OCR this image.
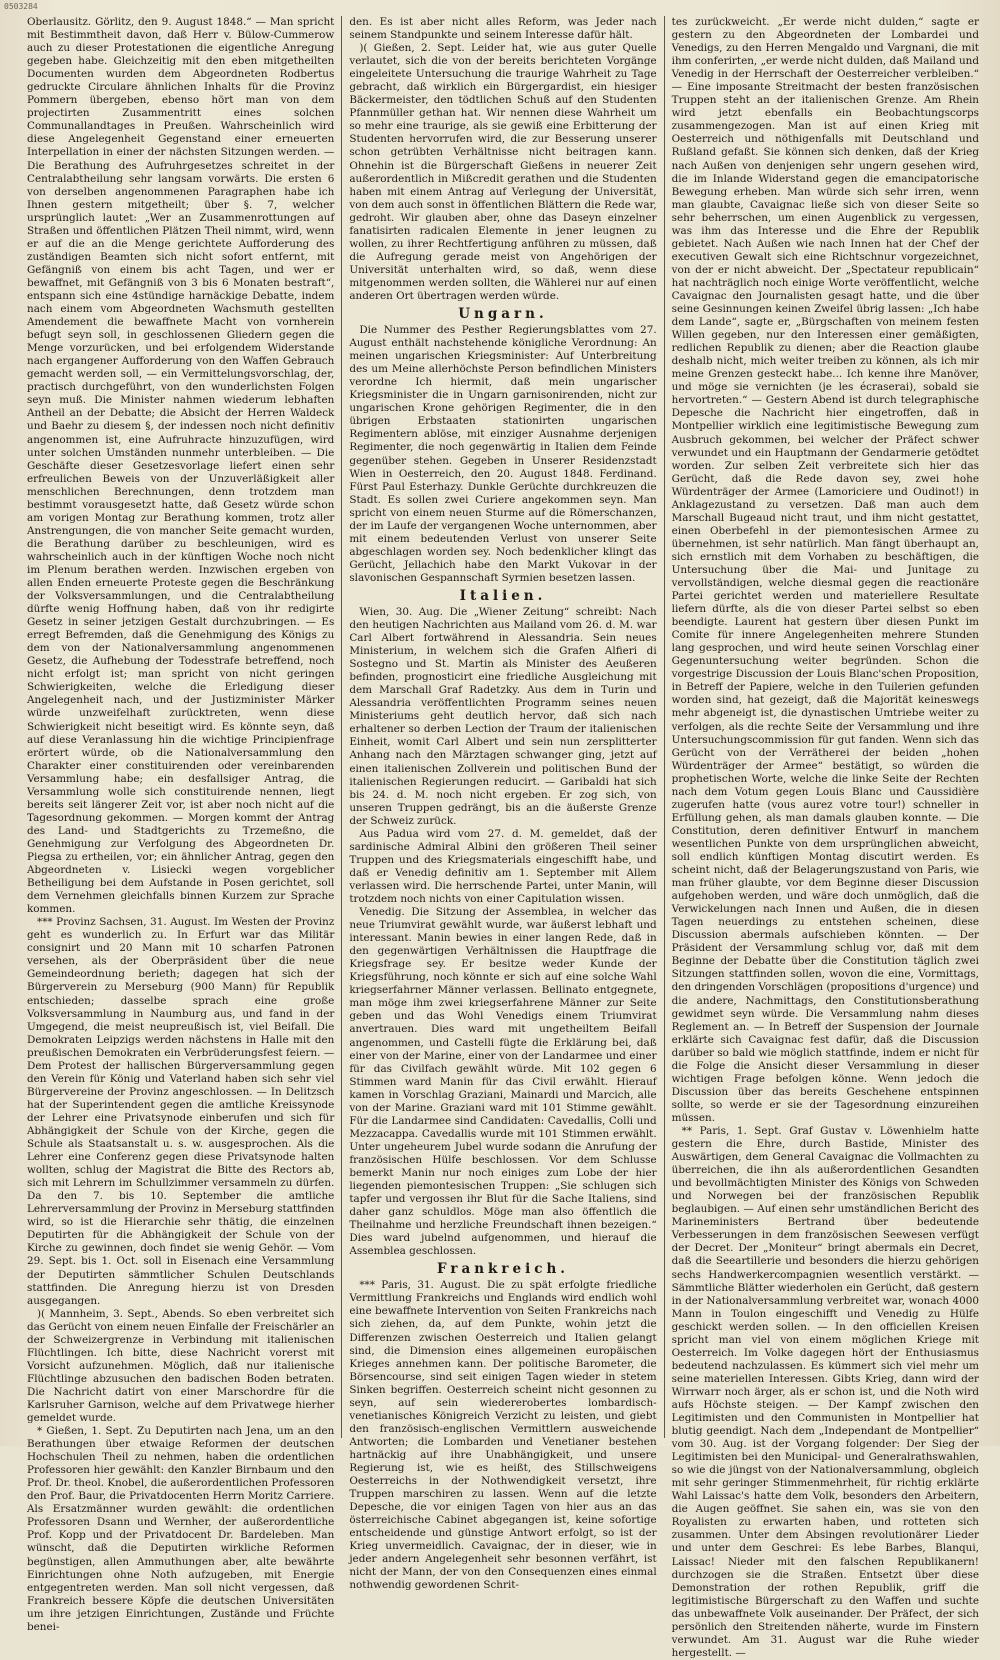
0503284

Oberlausitz. Görlitz, den 9. August 1848.“ — Man spricht mit Bestimmtheit davon, daß Herr v. Bülow-Cummerow auch zu dieser Protestationen die eigentliche Anregung gegeben habe. Gleichzeitig mit den eben mitgetheilten Documenten wurden dem Abgeordneten Rodbertus gedruckte Circulare ähnlichen Inhalts für die Provinz Pommern übergeben, ebenso hört man von dem projectirten Zusammentritt eines solchen Communallandtages in Preußen. Wahrscheinlich wird diese Angelegenheit Gegenstand einer erneuerten Interpellation in einer der nächsten Sitzungen werden. — Die Berathung des Aufruhrgesetzes schreitet in der Centralabtheilung sehr langsam vorwärts. Die ersten 6 von derselben angenommenen Paragraphen habe ich Ihnen gestern mitgetheilt; über §. 7, welcher ursprünglich lautet: „Wer an Zusammenrottungen auf Straßen und öffentlichen Plätzen Theil nimmt, wird, wenn er auf die an die Menge gerichtete Aufforderung des zuständigen Beamten sich nicht sofort entfernt, mit Gefängniß von einem bis acht Tagen, und wer er bewaffnet, mit Gefängniß von 3 bis 6 Monaten bestraft“, entspann sich eine 4stündige harnäckige Debatte, indem nach einem vom Abgeordneten Wachsmuth gestellten Amendement die bewaffnete Macht von vornherein befugt seyn soll, in geschlossenen Gliedern gegen die Menge vorzurücken, und bei erfolgendem Widerstande nach ergangener Aufforderung von den Waffen Gebrauch gemacht werden soll, — ein Vermittelungsvorschlag, der, practisch durchgeführt, von den wunderlichsten Folgen seyn muß. Die Minister nahmen wiederum lebhaften Antheil an der Debatte; die Absicht der Herren Waldeck und Baehr zu diesem §, der indessen noch nicht definitiv angenommen ist, eine Aufruhracte hinzuzufügen, wird unter solchen Umständen nunmehr unterbleiben. — Die Geschäfte dieser Gesetzesvorlage liefert einen sehr erfreulichen Beweis von der Unzuverläßigkeit aller menschlichen Berechnungen, denn trotzdem man bestimmt vorausgesetzt hatte, daß Gesetz würde schon am vorigen Montag zur Berathung kommen, trotz aller Anstrengungen, die von mancher Seite gemacht wurden, die Berathung darüber zu beschleunigen, wird es wahrscheinlich auch in der künftigen Woche noch nicht im Plenum berathen werden. Inzwischen ergeben von allen Enden erneuerte Proteste gegen die Beschränkung der Volksversammlungen, und die Centralabtheilung dürfte wenig Hoffnung haben, daß von ihr redigirte Gesetz in seiner jetzigen Gestalt durchzubringen. — Es erregt Befremden, daß die Genehmigung des Königs zu dem von der Nationalversammlung angenommenen Gesetz, die Aufhebung der Todesstrafe betreffend, noch nicht erfolgt ist; man spricht von nicht geringen Schwierigkeiten, welche die Erledigung dieser Angelegenheit nach, und der Justizminister Märker würde unzweifelhaft zurücktreten, wenn diese Schwierigkeit nicht beseitigt wird. Es könnte seyn, daß auf diese Veranlassung hin die wichtige Principienfrage erörtert würde, ob die Nationalversammlung den Charakter einer constituirenden oder vereinbarenden Versammlung habe; ein desfallsiger Antrag, die Versammlung wolle sich constituirende nennen, liegt bereits seit längerer Zeit vor, ist aber noch nicht auf die Tagesordnung gekommen. — Morgen kommt der Antrag des Land- und Stadtgerichts zu Trzemeßno, die Genehmigung zur Verfolgung des Abgeordneten Dr. Piegsa zu ertheilen, vor; ein ähnlicher Antrag, gegen den Abgeordneten v. Lisiecki wegen vorgeblicher Betheiligung bei dem Aufstande in Posen gerichtet, soll dem Vernehmen gleichfalls binnen Kurzem zur Sprache kommen.

*** Provinz Sachsen, 31. August. Im Westen der Provinz geht es wunderlich zu. In Erfurt war das Militär consignirt und 20 Mann mit 10 scharfen Patronen versehen, als der Oberpräsident über die neue Gemeindeordnung berieth; dagegen hat sich der Bürgerverein zu Merseburg (900 Mann) für Republik entschieden; dasselbe sprach eine große Volksversammlung in Naumburg aus, und fand in der Umgegend, die meist neupreußisch ist, viel Beifall. Die Demokraten Leipzigs werden nächstens in Halle mit den preußischen Demokraten ein Verbrüderungsfest feiern. — Dem Protest der hallischen Bürgerversammlung gegen den Verein für König und Vaterland haben sich sehr viel Bürgervereine der Provinz angeschlossen. — In Delitzsch hat der Superintendent gegen die amtliche Kreissynode der Lehrer eine Privatsynode einberufen und sich für Abhängigkeit der Schule von der Kirche, gegen die Schule als Staatsanstalt u. s. w. ausgesprochen. Als die Lehrer eine Conferenz gegen diese Privatsynode halten wollten, schlug der Magistrat die Bitte des Rectors ab, sich mit Lehrern im Schullzimmer versammeln zu dürfen. Da den 7. bis 10. September die amtliche Lehrerversammlung der Provinz in Merseburg stattfinden wird, so ist die Hierarchie sehr thätig, die einzelnen Deputirten für die Abhängigkeit der Schule von der Kirche zu gewinnen, doch findet sie wenig Gehör. — Vom 29. Sept. bis 1. Oct. soll in Eisenach eine Versammlung der Deputirten sämmtlicher Schulen Deutschlands stattfinden. Die Anregung hierzu ist von Dresden ausgegangen.

)( Mannheim, 3. Sept., Abends. So eben verbreitet sich das Gerücht von einem neuen Einfalle der Freischärler an der Schweizergrenze in Verbindung mit italienischen Flüchtlingen. Ich bitte, diese Nachricht vorerst mit Vorsicht aufzunehmen. Möglich, daß nur italienische Flüchtlinge abzusuchen den badischen Boden betraten. Die Nachricht datirt von einer Marschordre für die Karlsruher Garnison, welche auf dem Privatwege hierher gemeldet wurde.

* Gießen, 1. Sept. Zu Deputirten nach Jena, um an den Berathungen über etwaige Reformen der deutschen Hochschulen Theil zu nehmen, haben die ordentlichen Professoren hier gewählt: den Kanzler Birnbaum und den Prof. Dr. theol. Knobel, die außerordentlichen Professoren den Prof. Baur, die Privatdocenten Herrn Moritz Carriere. Als Ersatzmänner wurden gewählt: die ordentlichen Professoren Dsann und Wernher, der außerordentliche Prof. Kopp und der Privatdocent Dr. Bardeleben. Man wünscht, daß die Deputirten wirkliche Reformen begünstigen, allen Ammuthungen aber, alte bewährte Einrichtungen ohne Noth aufzugeben, mit Energie entgegentreten werden. Man soll nicht vergessen, daß Frankreich bessere Köpfe die deutschen Universitäten um ihre jetzigen Einrichtungen, Zustände und Früchte benei-

den. Es ist aber nicht alles Reform, was Jeder nach seinem Standpunkte und seinem Interesse dafür hält.

)( Gießen, 2. Sept. Leider hat, wie aus guter Quelle verlautet, sich die von der bereits berichteten Vorgänge eingeleitete Untersuchung die traurige Wahrheit zu Tage gebracht, daß wirklich ein Bürgergardist, ein hiesiger Bäckermeister, den tödtlichen Schuß auf den Studenten Pfannmüller gethan hat. Wir nennen diese Wahrheit um so mehr eine traurige, als sie gewiß eine Erbitterung der Studenten hervorrufen wird, die zur Besserung unserer schon getrübten Verhältnisse nicht beitragen kann. Ohnehin ist die Bürgerschaft Gießens in neuerer Zeit außerordentlich in Mißcredit gerathen und die Studenten haben mit einem Antrag auf Verlegung der Universität, von dem auch sonst in öffentlichen Blättern die Rede war, gedroht. Wir glauben aber, ohne das Daseyn einzelner fanatisirten radicalen Elemente in jener leugnen zu wollen, zu ihrer Rechtfertigung anführen zu müssen, daß die Aufregung gerade meist von Angehörigen der Universität unterhalten wird, so daß, wenn diese mitgenommen werden sollten, die Wählerei nur auf einen anderen Ort übertragen werden würde.

Ungarn.

Die Nummer des Pesther Regierungsblattes vom 27. August enthält nachstehende königliche Verordnung: An meinen ungarischen Kriegsminister: Auf Unterbreitung des um Meine allerhöchste Person befindlichen Ministers verordne Ich hiermit, daß mein ungarischer Kriegsminister die in Ungarn garnisonirenden, nicht zur ungarischen Krone gehörigen Regimenter, die in den übrigen Erbstaaten stationirten ungarischen Regimentern ablöse, mit einziger Ausnahme derjenigen Regimenter, die noch gegenwärtig in Italien dem Feinde gegenüber stehen. Gegeben in Unserer Residenzstadt Wien in Oesterreich, den 20. August 1848. Ferdinand. Fürst Paul Esterhazy. Dunkle Gerüchte durchkreuzen die Stadt. Es sollen zwei Curiere angekommen seyn. Man spricht von einem neuen Sturme auf die Römerschanzen, der im Laufe der vergangenen Woche unternommen, aber mit einem bedeutenden Verlust von unserer Seite abgeschlagen worden sey. Noch bedenklicher klingt das Gerücht, Jellachich habe den Markt Vukovar in der slavonischen Gespannschaft Syrmien besetzen lassen.

Italien.

Wien, 30. Aug. Die „Wiener Zeitung“ schreibt: Nach den heutigen Nachrichten aus Mailand vom 26. d. M. war Carl Albert fortwährend in Alessandria. Sein neues Ministerium, in welchem sich die Grafen Alfieri di Sostegno und St. Martin als Minister des Aeußeren befinden, prognosticirt eine friedliche Ausgleichung mit dem Marschall Graf Radetzky. Aus dem in Turin und Alessandria veröffentlichten Programm seines neuen Ministeriums geht deutlich hervor, daß sich nach erhaltener so derben Lection der Traum der italienischen Einheit, womit Carl Albert und sein nun zersplitterter Anhang nach den Märztagen schwanger ging, jetzt auf einen italienischen Zollverein und politischen Bund der italienischen Regierungen reducirt. — Garibaldi hat sich bis 24. d. M. noch nicht ergeben. Er zog sich, von unseren Truppen gedrängt, bis an die äußerste Grenze der Schweiz zurück.

Aus Padua wird vom 27. d. M. gemeldet, daß der sardinische Admiral Albini den größeren Theil seiner Truppen und des Kriegsmaterials eingeschifft habe, und daß er Venedig definitiv am 1. September mit Allem verlassen wird. Die herrschende Partei, unter Manin, will trotzdem noch nichts von einer Capitulation wissen.

Venedig. Die Sitzung der Assemblea, in welcher das neue Triumvirat gewählt wurde, war äußerst lebhaft und interessant. Manin bewies in einer langen Rede, daß in den gegenwärtigen Verhältnissen die Hauptfrage die Kriegsfrage sey. Er besitze weder Kunde der Kriegsführung, noch könnte er sich auf eine solche Wahl kriegserfahrner Männer verlassen. Bellinato entgegnete, man möge ihm zwei kriegserfahrene Männer zur Seite geben und das Wohl Venedigs einem Triumvirat anvertrauen. Dies ward mit ungetheiltem Beifall angenommen, und Castelli fügte die Erklärung bei, daß einer von der Marine, einer von der Landarmee und einer für das Civilfach gewählt würde. Mit 102 gegen 6 Stimmen ward Manin für das Civil erwählt. Hierauf kamen in Vorschlag Graziani, Mainardi und Marcich, alle von der Marine. Graziani ward mit 101 Stimme gewählt. Für die Landarmee sind Candidaten: Cavedallis, Colli und Mezzacappa. Cavedallis wurde mit 101 Stimmen erwählt. Unter ungeheurem Jubel wurde sodann die Anrufung der französischen Hülfe beschlossen. Vor dem Schlusse bemerkt Manin nur noch einiges zum Lobe der hier liegenden piemontesischen Truppen: „Sie schlugen sich tapfer und vergossen ihr Blut für die Sache Italiens, sind daher ganz schuldlos. Möge man also öffentlich die Theilnahme und herzliche Freundschaft ihnen bezeigen.“ Dies ward jubelnd aufgenommen, und hierauf die Assemblea geschlossen.

Frankreich.

*** Paris, 31. August. Die zu spät erfolgte friedliche Vermittlung Frankreichs und Englands wird endlich wohl eine bewaffnete Intervention von Seiten Frankreichs nach sich ziehen, da, auf dem Punkte, wohin jetzt die Differenzen zwischen Oesterreich und Italien gelangt sind, die Dimension eines allgemeinen europäischen Krieges annehmen kann. Der politische Barometer, die Börsencourse, sind seit einigen Tagen wieder in stetem Sinken begriffen. Oesterreich scheint nicht gesonnen zu seyn, auf sein wiedererobertes lombardisch-venetianisches Königreich Verzicht zu leisten, und giebt den französisch-englischen Vermittlern ausweichende Antworten; die Lombarden und Venetianer bestehen hartnäckig auf ihre Unabhängigkeit, und unsere Regierung ist, wie es heißt, des Stillschweigens Oesterreichs in der Nothwendigkeit versetzt, ihre Truppen marschiren zu lassen. Wenn auf die letzte Depesche, die vor einigen Tagen von hier aus an das österreichische Cabinet abgegangen ist, keine sofortige entscheidende und günstige Antwort erfolgt, so ist der Krieg unvermeidlich. Cavaignac, der in dieser, wie in jeder andern Angelegenheit sehr besonnen verfährt, ist nicht der Mann, der von den Consequenzen eines einmal nothwendig gewordenen Schrit-

tes zurückweicht. „Er werde nicht dulden,“ sagte er gestern zu den Abgeordneten der Lombardei und Venedigs, zu den Herren Mengaldo und Vargnani, die mit ihm conferirten, „er werde nicht dulden, daß Mailand und Venedig in der Herrschaft der Oesterreicher verbleiben.“ — Eine imposante Streitmacht der besten französischen Truppen steht an der italienischen Grenze. Am Rhein wird jetzt ebenfalls ein Beobachtungscorps zusammengezogen. Man ist auf einen Krieg mit Oesterreich und nöthigenfalls mit Deutschland und Rußland gefaßt. Sie können sich denken, daß der Krieg nach Außen von denjenigen sehr ungern gesehen wird, die im Inlande Widerstand gegen die emancipatorische Bewegung erheben. Man würde sich sehr irren, wenn man glaubte, Cavaignac ließe sich von dieser Seite so sehr beherrschen, um einen Augenblick zu vergessen, was ihm das Interesse und die Ehre der Republik gebietet. Nach Außen wie nach Innen hat der Chef der executiven Gewalt sich eine Richtschnur vorgezeichnet, von der er nicht abweicht. Der „Spectateur republicain“ hat nachträglich noch einige Worte veröffentlicht, welche Cavaignac den Journalisten gesagt hatte, und die über seine Gesinnungen keinen Zweifel übrig lassen: „Ich habe dem Lande“, sagte er, „Bürgschaften von meinem festen Willen gegeben, nur den Interessen einer gemäßigten, redlichen Republik zu dienen; aber die Reaction glaube deshalb nicht, mich weiter treiben zu können, als ich mir meine Grenzen gesteckt habe... Ich kenne ihre Manöver, und möge sie vernichten (je les écraserai), sobald sie hervortreten.“ — Gestern Abend ist durch telegraphische Depesche die Nachricht hier eingetroffen, daß in Montpellier wirklich eine legitimistische Bewegung zum Ausbruch gekommen, bei welcher der Präfect schwer verwundet und ein Hauptmann der Gendarmerie getödtet worden. Zur selben Zeit verbreitete sich hier das Gerücht, daß die Rede davon sey, zwei hohe Würdenträger der Armee (Lamoriciere und Oudinot!) in Anklagezustand zu versetzen. Daß man auch dem Marschall Bugeaud nicht traut, und ihm nicht gestattet, einen Oberbefehl in der piemontesischen Armee zu übernehmen, ist sehr natürlich. Man fängt überhaupt an, sich ernstlich mit dem Vorhaben zu beschäftigen, die Untersuchung über die Mai- und Junitage zu vervollständigen, welche diesmal gegen die reactionäre Partei gerichtet werden und materiellere Resultate liefern dürfte, als die von dieser Partei selbst so eben beendigte. Laurent hat gestern über diesen Punkt im Comite für innere Angelegenheiten mehrere Stunden lang gesprochen, und wird heute seinen Vorschlag einer Gegenuntersuchung weiter begründen. Schon die vorgestrige Discussion der Louis Blanc'schen Proposition, in Betreff der Papiere, welche in den Tuilerien gefunden worden sind, hat gezeigt, daß die Majorität keineswegs mehr abgeneigt ist, die dynastischen Umtriebe weiter zu verfolgen, als die rechte Seite der Versammlung und ihre Untersuchungscommission für gut fanden. Wenn sich das Gerücht von der Verrätherei der beiden „hohen Würdenträger der Armee“ bestätigt, so würden die prophetischen Worte, welche die linke Seite der Rechten nach dem Votum gegen Louis Blanc und Caussidière zugerufen hatte (vous aurez votre tour!) schneller in Erfüllung gehen, als man damals glauben konnte. — Die Constitution, deren definitiver Entwurf in manchem wesentlichen Punkte von dem ursprünglichen abweicht, soll endlich künftigen Montag discutirt werden. Es scheint nicht, daß der Belagerungszustand von Paris, wie man früher glaubte, vor dem Beginne dieser Discussion aufgehoben werden, und wäre doch unmöglich, daß die Verwickelungen nach Innen und Außen, die in diesen Tagen neuerdings zu entstehen scheinen, diese Discussion abermals aufschieben könnten. — Der Präsident der Versammlung schlug vor, daß mit dem Beginne der Debatte über die Constitution täglich zwei Sitzungen stattfinden sollen, wovon die eine, Vormittags, den dringenden Vorschlägen (propositions d'urgence) und die andere, Nachmittags, den Constitutionsberathung gewidmet seyn würde. Die Versammlung nahm dieses Reglement an. — In Betreff der Suspension der Journale erklärte sich Cavaignac fest dafür, daß die Discussion darüber so bald wie möglich stattfinde, indem er nicht für die Folge die Ansicht dieser Versammlung in dieser wichtigen Frage befolgen könne. Wenn jedoch die Discussion über das bereits Geschehene entspinnen sollte, so werde er sie der Tagesordnung einzureihen müssen.

** Paris, 1. Sept. Graf Gustav v. Löwenhielm hatte gestern die Ehre, durch Bastide, Minister des Auswärtigen, dem General Cavaignac die Vollmachten zu überreichen, die ihn als außerordentlichen Gesandten und bevollmächtigten Minister des Königs von Schweden und Norwegen bei der französischen Republik beglaubigen. — Auf einen sehr umständlichen Bericht des Marineministers Bertrand über bedeutende Verbesserungen in dem französischen Seewesen verfügt der Decret. Der „Moniteur“ bringt abermals ein Decret, daß die Seeartillerie und besonders die hierzu gehörigen sechs Handwerkercompagnien wesentlich verstärkt. — Sämmtliche Blätter wiederholen ein Gerücht, daß gestern in der Nationalversammlung verbreitet war, wonach 4000 Mann in Toulon eingeschifft und Venedig zu Hülfe geschickt werden sollen. — In den officiellen Kreisen spricht man viel von einem möglichen Kriege mit Oesterreich. Im Volke dagegen hört der Enthusiasmus bedeutend nachzulassen. Es kümmert sich viel mehr um seine materiellen Interessen. Gibts Krieg, dann wird der Wirrwarr noch ärger, als er schon ist, und die Noth wird aufs Höchste steigen. — Der Kampf zwischen den Legitimisten und den Communisten in Montpellier hat blutig geendigt. Nach dem „Independant de Montpellier“ vom 30. Aug. ist der Vorgang folgender: Der Sieg der Legitimisten bei den Municipal- und Generalrathswahlen, so wie die jüngst von der Nationalversammlung, obgleich mit sehr geringer Stimmenmehrheit, für richtig erklärte Wahl Laissac's hatte dem Volk, besonders den Arbeitern, die Augen geöffnet. Sie sahen ein, was sie von den Royalisten zu erwarten haben, und rotteten sich zusammen. Unter dem Absingen revolutionärer Lieder und unter dem Geschrei: Es lebe Barbes, Blanqui, Laissac! Nieder mit den falschen Republikanern! durchzogen sie die Straßen. Entsetzt über diese Demonstration der rothen Republik, griff die legitimistische Bürgerschaft zu den Waffen und suchte das unbewaffnete Volk auseinander. Der Präfect, der sich persönlich den Streitenden näherte, wurde im Finstern verwundet. Am 31. August war die Ruhe wieder hergestellt. —
